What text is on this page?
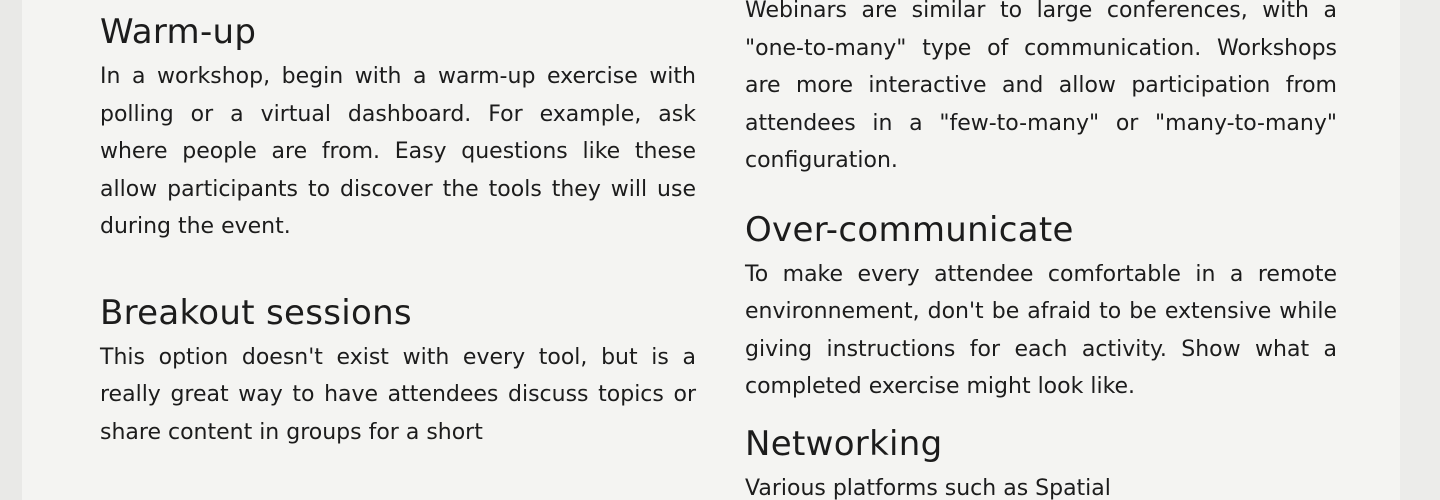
Warm-up

In a workshop, begin with a warm-up exercise with polling or a virtual dashboard. For example, ask where people are from. Easy questions like these allow participants to discover the tools they will use during the event.

Breakout sessions

This option doesn't exist with every tool, but is a really great way to have attendees discuss topics or share content in groups for a short

Webinars are similar to large conferences, with a "one-to-many" type of communication. Workshops are more interactive and allow participation from attendees in a "few-to-many" or "many-to-many" configuration.

Over-communicate

To make every attendee comfortable in a remote environnement, don't be afraid to be extensive while giving instructions for each activity. Show what a completed exercise might look like.

Networking

Various platforms such as Spatial
